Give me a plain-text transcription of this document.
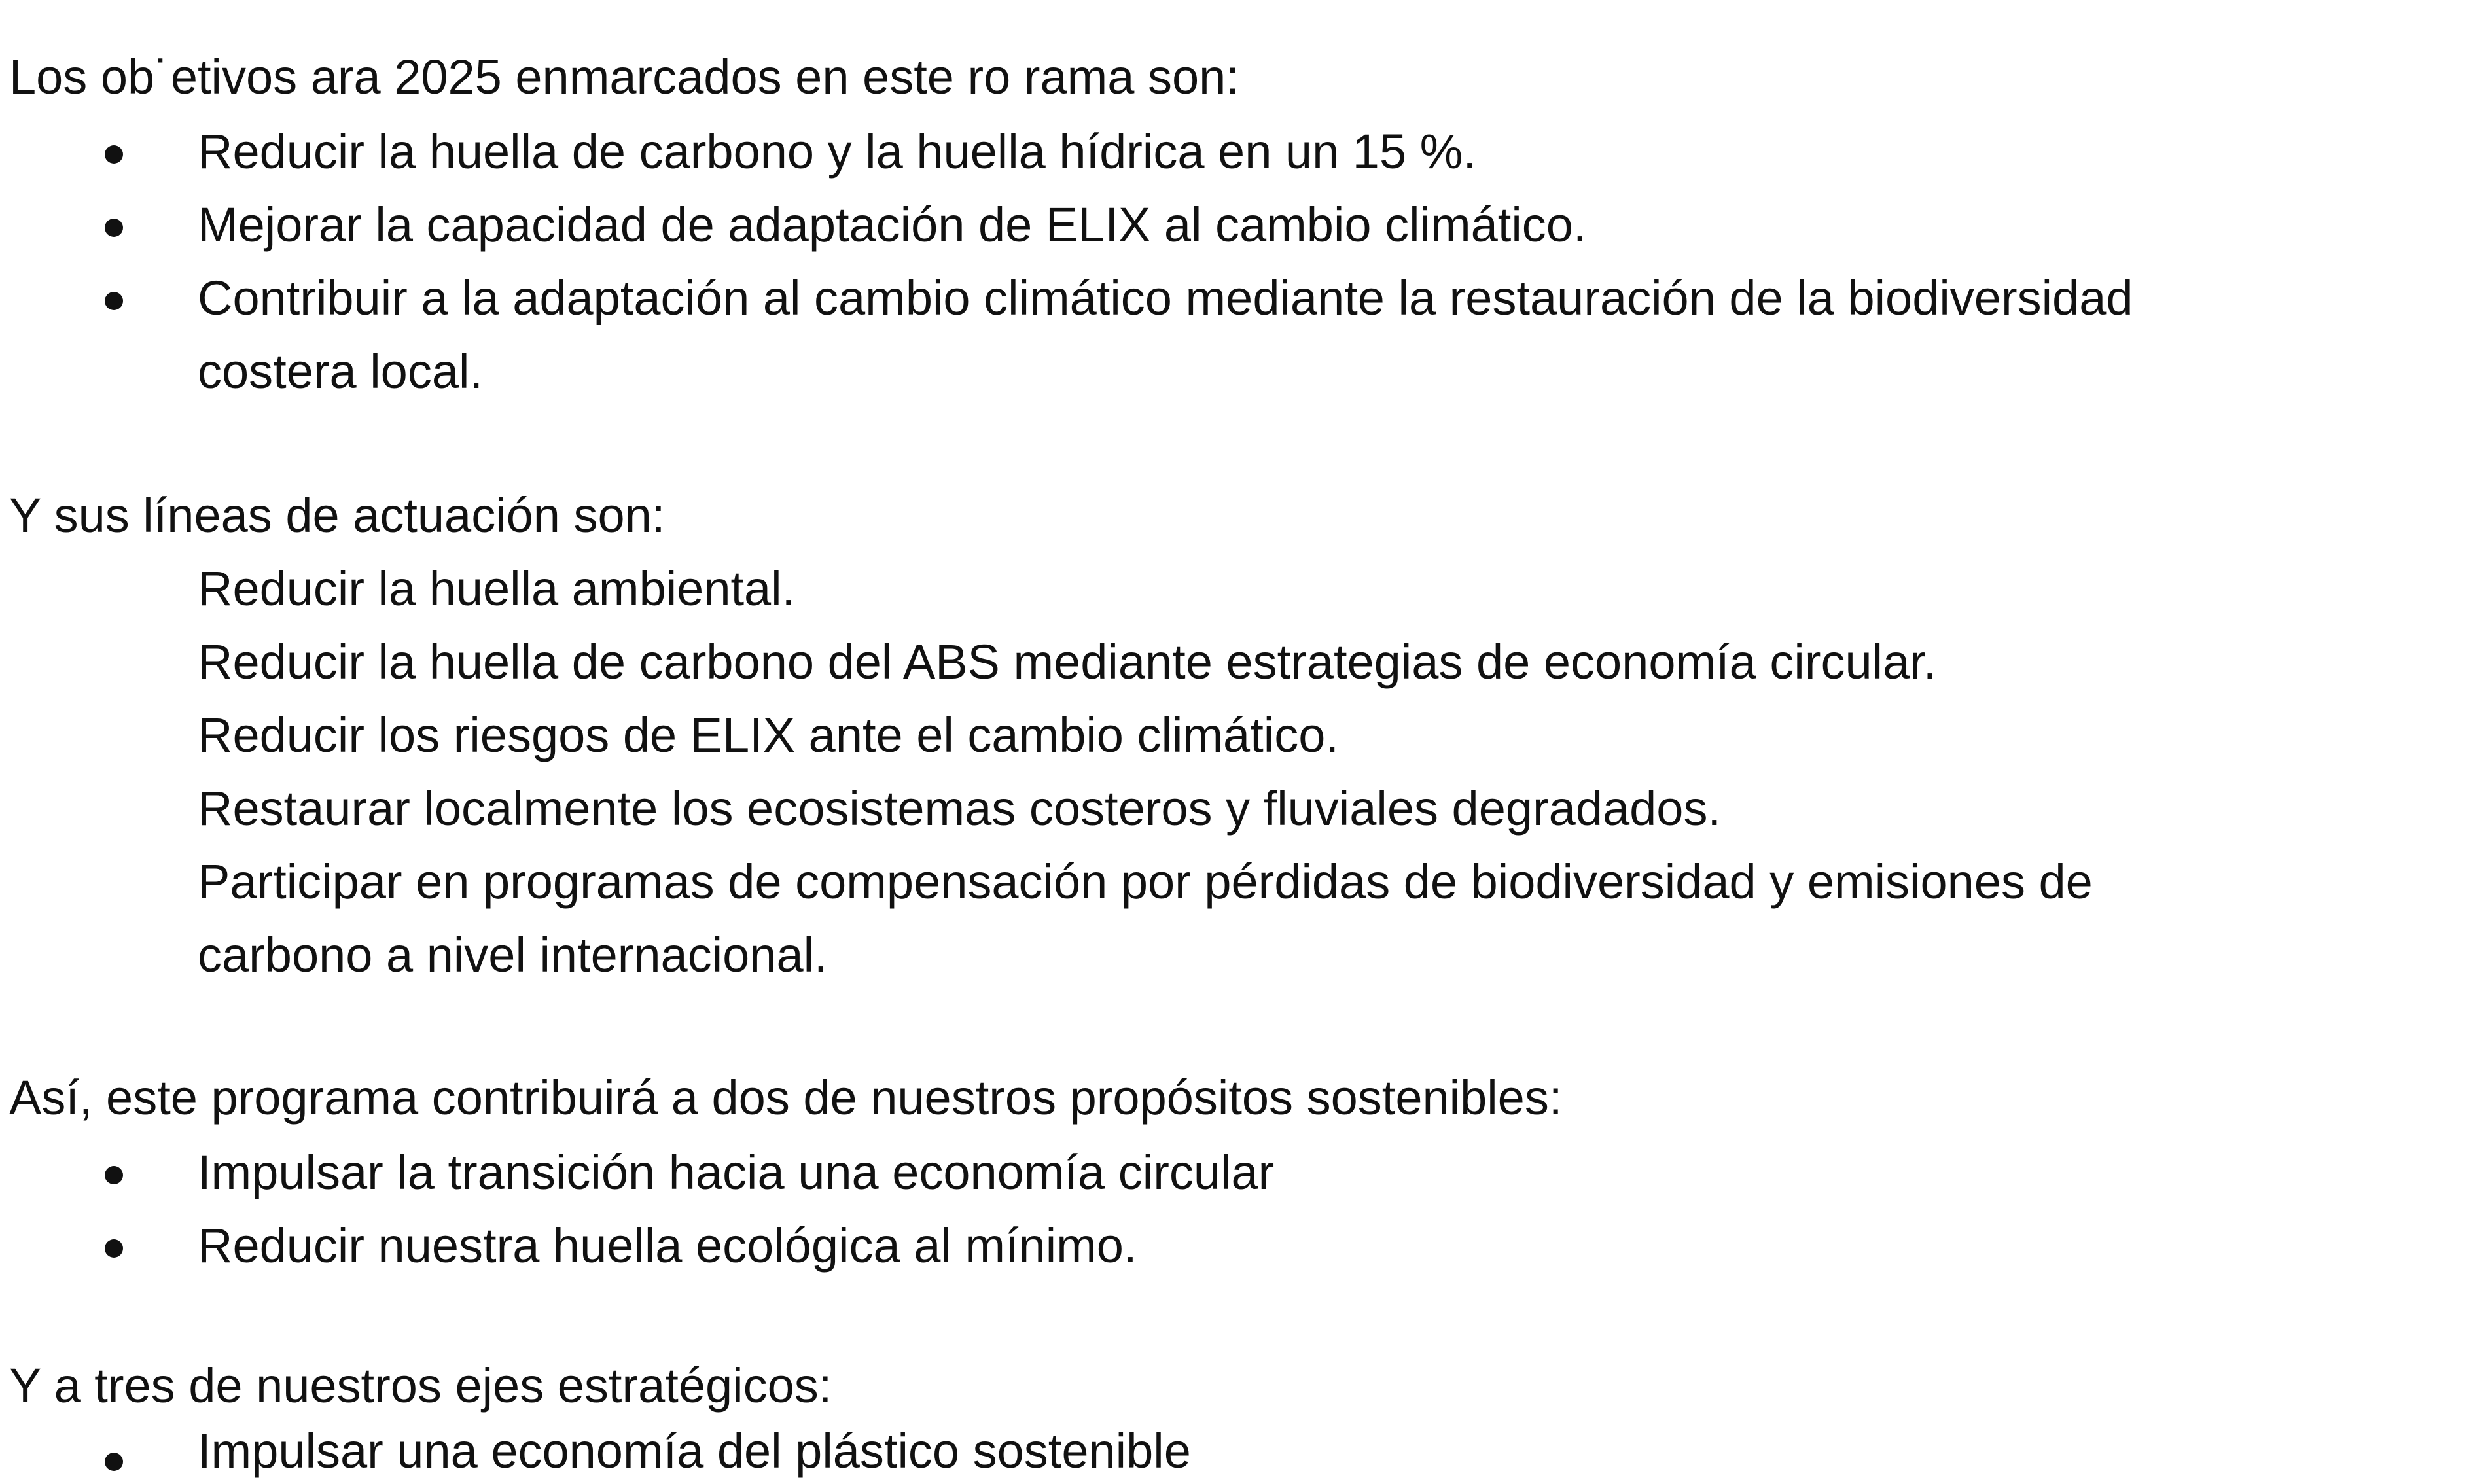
Los ob˙etivos ara 2025 enmarcados en este ro rama son:
Reducir la huella de carbono y la huella hídrica en un 15 %.
Mejorar la capacidad de adaptación de ELIX al cambio climático.
Contribuir a la adaptación al cambio climático mediante la restauración de la biodiversidad
costera local.
Y sus líneas de actuación son:
Reducir la huella ambiental.
Reducir la huella de carbono del ABS mediante estrategias de economía circular.
Reducir los riesgos de ELIX ante el cambio climático.
Restaurar localmente los ecosistemas costeros y fluviales degradados.
Participar en programas de compensación por pérdidas de biodiversidad y emisiones de
carbono a nivel internacional.
Así, este programa contribuirá a dos de nuestros propósitos sostenibles:
Impulsar la transición hacia una economía circular
Reducir nuestra huella ecológica al mínimo.
Y a tres de nuestros ejes estratégicos:
Impulsar una economía del plástico sostenible
